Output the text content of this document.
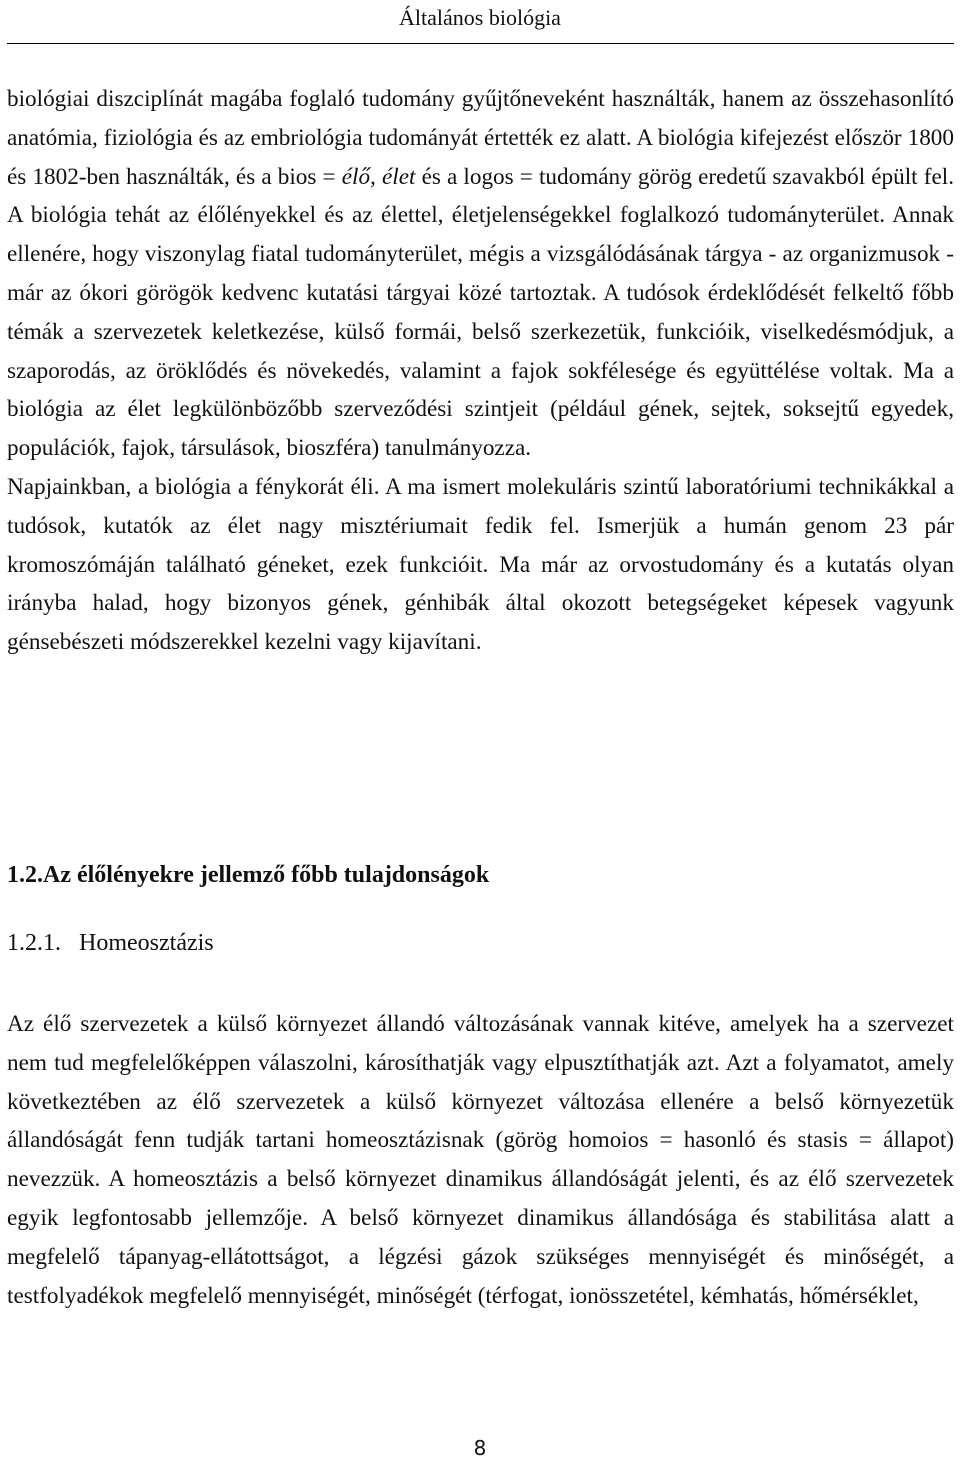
Általános biológia

biológiai diszciplínát magába foglaló tudomány gyűjtőneveként használták, hanem az összehasonlító anatómia, fiziológia és az embriológia tudományát értették ez alatt. A biológia kifejezést először 1800 és 1802-ben használták, és a bios = élő, élet és a logos = tudomány görög eredetű szavakból épült fel. A biológia tehát az élőlényekkel és az élettel, életjelenségekkel foglalkozó tudományterület. Annak ellenére, hogy viszonylag fiatal tudományterület, mégis a vizsgálódásának tárgya - az organizmusok - már az ókori görögök kedvenc kutatási tárgyai közé tartoztak. A tudósok érdeklődését felkeltő főbb témák a szervezetek keletkezése, külső formái, belső szerkezetük, funkcióik, viselkedésmódjuk, a szaporodás, az öröklődés és növekedés, valamint a fajok sokfélesége és együttélése voltak. Ma a biológia az élet legkülönbözőbb szerveződési szintjeit (például gének, sejtek, soksejtű egyedek, populációk, fajok, társulások, bioszféra) tanulmányozza.

Napjainkban, a biológia a fénykorát éli. A ma ismert molekuláris szintű laboratóriumi technikákkal a tudósok, kutatók az élet nagy misztériumait fedik fel. Ismerjük a humán genom 23 pár kromoszómáján található géneket, ezek funkcióit. Ma már az orvostudomány és a kutatás olyan irányba halad, hogy bizonyos gének, génhibák által okozott betegségeket képesek vagyunk génsebészeti módszerekkel kezelni vagy kijavítani.

1.2.Az élőlényekre jellemző főbb tulajdonságok
1.2.1.   Homeosztázis

Az élő szervezetek a külső környezet állandó változásának vannak kitéve, amelyek ha a szervezet nem tud megfelelőképpen válaszolni, károsíthatják vagy elpusztíthatják azt. Azt a folyamatot, amely következtében az élő szervezetek a külső környezet változása ellenére a belső környezetük állandóságát fenn tudják tartani homeosztázisnak (görög homoios = hasonló és stasis = állapot) nevezzük. A homeosztázis a belső környezet dinamikus állandóságát jelenti, és az élő szervezetek egyik legfontosabb jellemzője. A belső környezet dinamikus állandósága és stabilitása alatt a megfelelő tápanyag-ellátottságot, a légzési gázok szükséges mennyiségét és minőségét, a testfolyadékok megfelelő mennyiségét, minőségét (térfogat, ionösszetétel, kémhatás, hőmérséklet,

8
